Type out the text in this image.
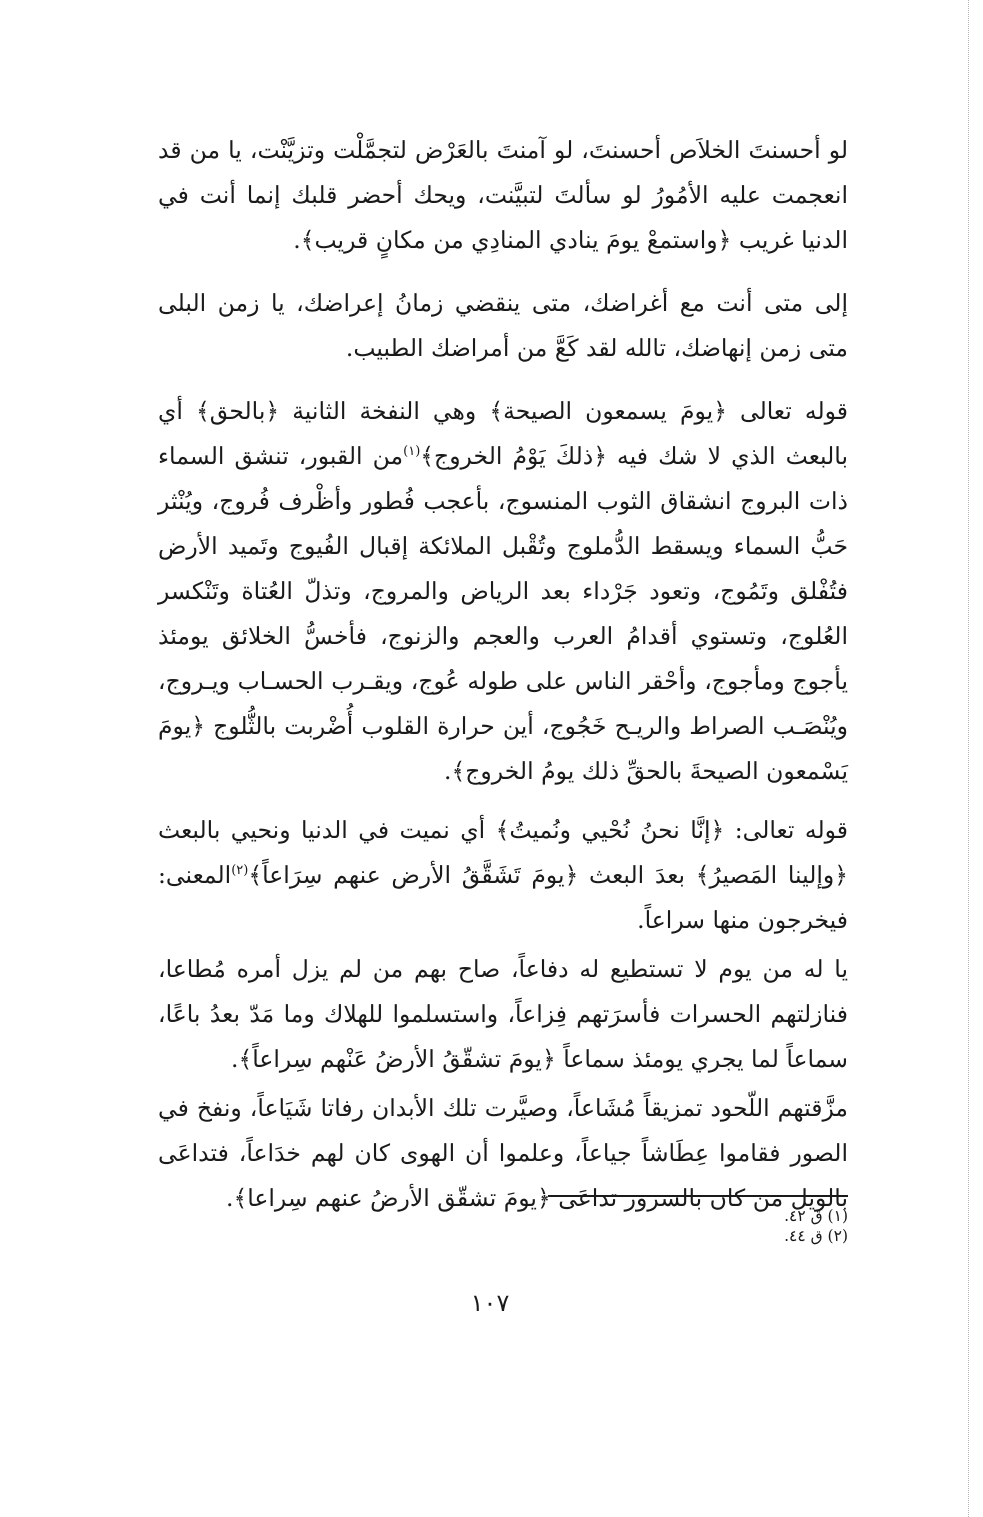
لو أحسنتَ الخلاَص أحسنتَ، لو آمنتَ بالعَرْض لتجمَّلْت وتزيَّنْت، يا من قد انعجمت عليه الأمُورُ لو سألتَ لتبيَّنت، ويحك أحضر قلبك إنما أنت في الدنيا غريب ﴿واستمعْ يومَ ينادي المنادِي من مكانٍ قريب﴾.

إلى متى أنت مع أغراضك، متى ينقضي زمانُ إعراضك، يا زمن البلى متى زمن إنهاضك، تالله لقد كَعَّ من أمراضك الطبيب.

قوله تعالى ﴿يومَ يسمعون الصيحة﴾ وهي النفخة الثانية ﴿بالحق﴾ أي بالبعث الذي لا شك فيه ﴿ذلكَ يَوْمُ الخروج﴾$^{(١)}$من القبور، تنشق السماء ذات البروج انشقاق الثوب المنسوج، بأعجب فُطور وأظْرف فُروج، ويُنْثر حَبُّ السماء ويسقط الدُّملوج وتُقْبل الملائكة إقبال الفُيوج وتَميد الأرض فتُفْلق وتَمُوج، وتعود جَرْداء بعد الرياض والمروج، وتذلّ العُتاة وتَنْكسر العُلوج، وتستوي أقدامُ العرب والعجم والزنوج، فأخسُّ الخلائق يومئذ يأجوج ومأجوج، وأحْقر الناس على طوله عُوج، ويقـرب الحسـاب ويـروج، ويُنْصَـب الصراط والريـح خَجُوج، أين حرارة القلوب أُضْربت بالثُّلوج ﴿يومَ يَسْمعون الصيحةَ بالحقِّ ذلك يومُ الخروج﴾.

قوله تعالى: ﴿إنَّا نحنُ نُحْيي ونُميتُ﴾ أي نميت في الدنيا ونحيي بالبعث ﴿وإلينا المَصيرُ﴾ بعدَ البعث ﴿يومَ تَشَقَّقُ الأرض عنهم سِرَاعاً﴾$^{(٢)}$المعنى: فيخرجون منها سراعاً.

يا له من يوم لا تستطيع له دفاعاً، صاح بهم من لم يزل أمره مُطاعا، فنازلتهم الحسرات فأسرَتهم فِزاعاً، واستسلموا للهلاك وما مَدّ بعدُ باعًا، سماعاً لما يجري يومئذ سماعاً ﴿يومَ تشقّقُ الأرضُ عَنْهم سِراعاً﴾.

مزَّقتهم اللّحود تمزيقاً مُشَاعاً، وصيَّرت تلك الأبدان رفاتا شَيَاعاً، ونفخ في الصور فقاموا عِطَاشاً جياعاً، وعلموا أن الهوى كان لهم خدَاعاً، فتداعَى بالويل من كان بالسرور تداعَى ﴿يومَ تشقّق الأرضُ عنهم سِراعا﴾.

(١) ق ٤٢.

(٢) ق ٤٤.

١٠٧
